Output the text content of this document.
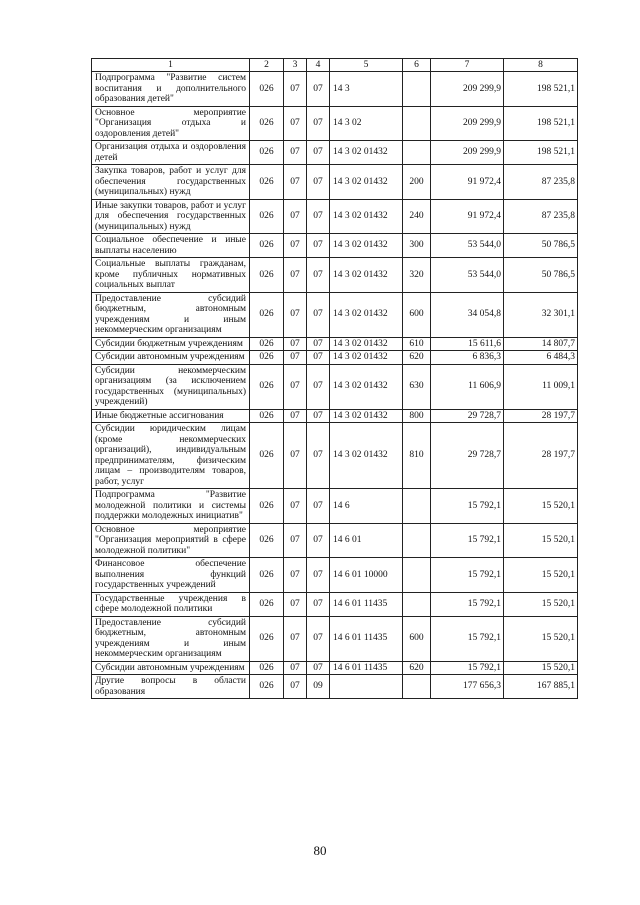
1	2	3	4	5	6	7	8
Подпрограмма "Развитие систем воспитания и дополнительного образования детей"	026	07	07	14 3		209 299,9	198 521,1
Основное мероприятие "Организация отдыха и оздоровления детей"	026	07	07	14 3 02		209 299,9	198 521,1
Организация отдыха и оздоровления детей	026	07	07	14 3 02 01432		209 299,9	198 521,1
Закупка товаров, работ и услуг для обеспечения государственных (муниципальных) нужд	026	07	07	14 3 02 01432	200	91 972,4	87 235,8
Иные закупки товаров, работ и услуг для обеспечения государственных (муниципальных) нужд	026	07	07	14 3 02 01432	240	91 972,4	87 235,8
Социальное обеспечение и иные выплаты населению	026	07	07	14 3 02 01432	300	53 544,0	50 786,5
Социальные выплаты гражданам, кроме публичных нормативных социальных выплат	026	07	07	14 3 02 01432	320	53 544,0	50 786,5
Предоставление субсидий бюджетным, автономным учреждениям и иным некоммерческим организациям	026	07	07	14 3 02 01432	600	34 054,8	32 301,1
Субсидии бюджетным учреждениям	026	07	07	14 3 02 01432	610	15 611,6	14 807,7
Субсидии автономным учреждениям	026	07	07	14 3 02 01432	620	6 836,3	6 484,3
Субсидии некоммерческим организациям (за исключением государственных (муниципальных) учреждений)	026	07	07	14 3 02 01432	630	11 606,9	11 009,1
Иные бюджетные ассигнования	026	07	07	14 3 02 01432	800	29 728,7	28 197,7
Субсидии юридическим лицам (кроме некоммерческих организаций), индивидуальным предпринимателям, физическим лицам – производителям товаров, работ, услуг	026	07	07	14 3 02 01432	810	29 728,7	28 197,7
Подпрограмма "Развитие молодежной политики и системы поддержки молодежных инициатив"	026	07	07	14 6		15 792,1	15 520,1
Основное мероприятие "Организация мероприятий в сфере молодежной политики"	026	07	07	14 6 01		15 792,1	15 520,1
Финансовое обеспечение выполнения функций государственных учреждений	026	07	07	14 6 01 10000		15 792,1	15 520,1
Государственные учреждения в сфере молодежной политики	026	07	07	14 6 01 11435		15 792,1	15 520,1
Предоставление субсидий бюджетным, автономным учреждениям и иным некоммерческим организациям	026	07	07	14 6 01 11435	600	15 792,1	15 520,1
Субсидии автономным учреждениям	026	07	07	14 6 01 11435	620	15 792,1	15 520,1
Другие вопросы в области образования	026	07	09			177 656,3	167 885,1
80
